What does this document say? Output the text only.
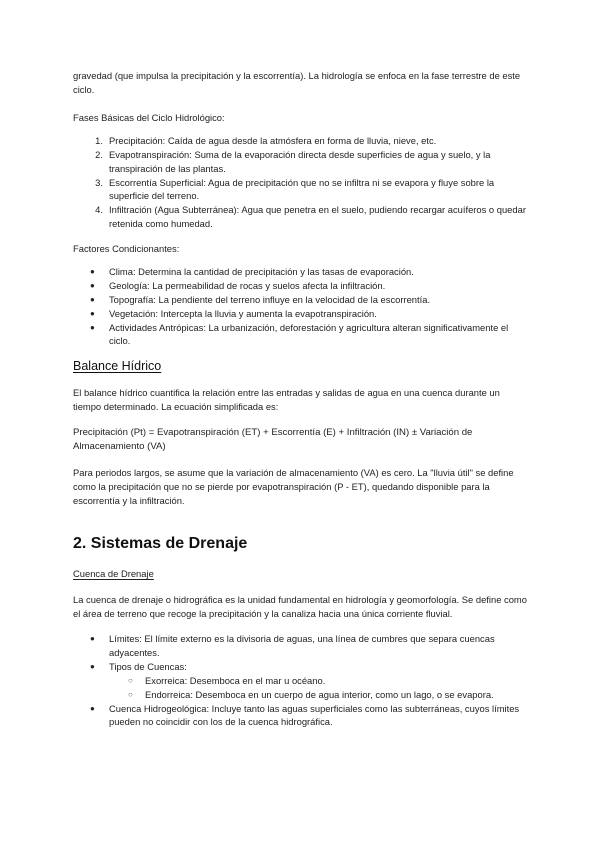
gravedad (que impulsa la precipitación y la escorrentía). La hidrología se enfoca en la fase terrestre de este ciclo.

Fases Básicas del Ciclo Hidrológico:

1. Precipitación: Caída de agua desde la atmósfera en forma de lluvia, nieve, etc.
2. Evapotranspiración: Suma de la evaporación directa desde superficies de agua y suelo, y la transpiración de las plantas.
3. Escorrentía Superficial: Agua de precipitación que no se infiltra ni se evapora y fluye sobre la superficie del terreno.
4. Infiltración (Agua Subterránea): Agua que penetra en el suelo, pudiendo recargar acuíferos o quedar retenida como humedad.

Factores Condicionantes:

● Clima: Determina la cantidad de precipitación y las tasas de evaporación.
● Geología: La permeabilidad de rocas y suelos afecta la infiltración.
● Topografía: La pendiente del terreno influye en la velocidad de la escorrentía.
● Vegetación: Intercepta la lluvia y aumenta la evapotranspiración.
● Actividades Antrópicas: La urbanización, deforestación y agricultura alteran significativamente el ciclo.
Balance Hídrico

El balance hídrico cuantifica la relación entre las entradas y salidas de agua en una cuenca durante un tiempo determinado. La ecuación simplificada es:

Precipitación (Pt) = Evapotranspiración (ET) + Escorrentía (E) + Infiltración (IN) ± Variación de Almacenamiento (VA)

Para periodos largos, se asume que la variación de almacenamiento (VA) es cero. La "lluvia útil" se define como la precipitación que no se pierde por evapotranspiración (P - ET), quedando disponible para la escorrentía y la infiltración.

2. Sistemas de Drenaje

Cuenca de Drenaje

La cuenca de drenaje o hidrográfica es la unidad fundamental en hidrología y geomorfología. Se define como el área de terreno que recoge la precipitación y la canaliza hacia una única corriente fluvial.

● Límites: El límite externo es la divisoria de aguas, una línea de cumbres que separa cuencas adyacentes.
● Tipos de Cuencas:
○ Exorreica: Desemboca en el mar u océano.
○ Endorreica: Desemboca en un cuerpo de agua interior, como un lago, o se evapora.
● Cuenca Hidrogeológica: Incluye tanto las aguas superficiales como las subterráneas, cuyos límites pueden no coincidir con los de la cuenca hidrográfica.
